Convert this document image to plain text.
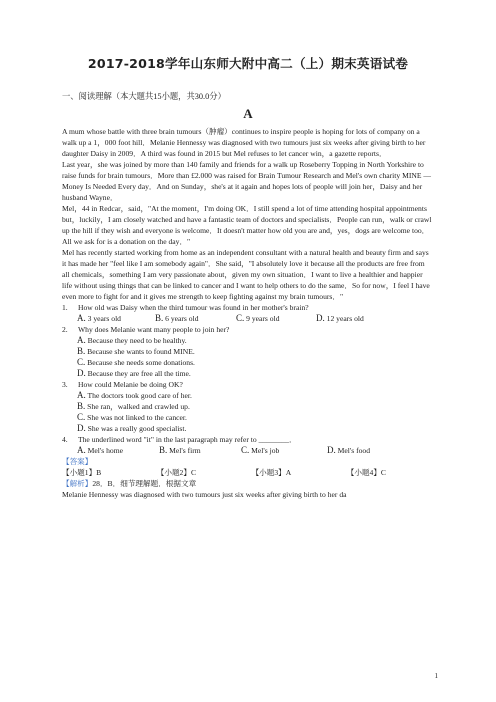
2017-2018学年山东师大附中高二（上）期末英语试卷
一、阅读理解（本大题共15小题，共30.0分）
A

A mum whose battle with three brain tumours（肿瘤）continues to inspire people is hoping for lots of company on a walk up a 1，000 foot hill．Melanie Hennessy was diagnosed with two tumours just six weeks after giving birth to her daughter Daisy in 2009．A third was found in 2015 but Mel refuses to let cancer win，a gazette reports．

Last year，she was joined by more than 140 family and friends for a walk up Roseberry Topping in North Yorkshire to raise funds for brain tumours．More than £2.000 was raised for Brain Tumour Research and Mel's own charity MINE — Money Is Needed Every day．And on Sunday，she's at it again and hopes lots of people will join her，Daisy and her husband Wayne．

Mel，44 in Redcar，said，"At the moment，I'm doing OK．I still spend a lot of time attending hospital appointments but，luckily，I am closely watched and have a fantastic team of doctors and specialists．People can run，walk or crawl up the hill if they wish and everyone is welcome．It doesn't matter how old you are and，yes，dogs are welcome too．All we ask for is a donation on the day．"

Mel has recently started working from home as an independent consultant with a natural health and beauty firm and says it has made her "feel like I am somebody again"．She said，"I absolutely love it because all the products are free from all chemicals，something I am very passionate about，given my own situation．I want to live a healthier and happier life without using things that can be linked to cancer and I want to help others to do the same．So for now，I feel I have even more to fight for and it gives me strength to keep fighting against my brain tumours．"

1. How old was Daisy when the third tumour was found in her mother's brain?
A. 3 years old	B. 6 years old	C. 9 years old	D. 12 years old
2. Why does Melanie want many people to join her?
A. Because they need to be healthy.
B. Because she wants to found MINE.
C. Because she needs some donations.
D. Because they are free all the time.
3. How could Melanie be doing OK?
A. The doctors took good care of her.
B. She ran，walked and crawled up.
C. She was not linked to the cancer.
D. She was a really good specialist.
4. The underlined word "it" in the last paragraph may refer to ________．
A. Mel's home	B. Mel's firm	C. Mel's job	D. Mel's food
【答案】
【小题1】B	【小题2】C	【小题3】A	【小题4】C
【解析】28．B．细节理解题．根据文章
Melanie Hennessy was diagnosed with two tumours just six weeks after giving birth to her da
1
